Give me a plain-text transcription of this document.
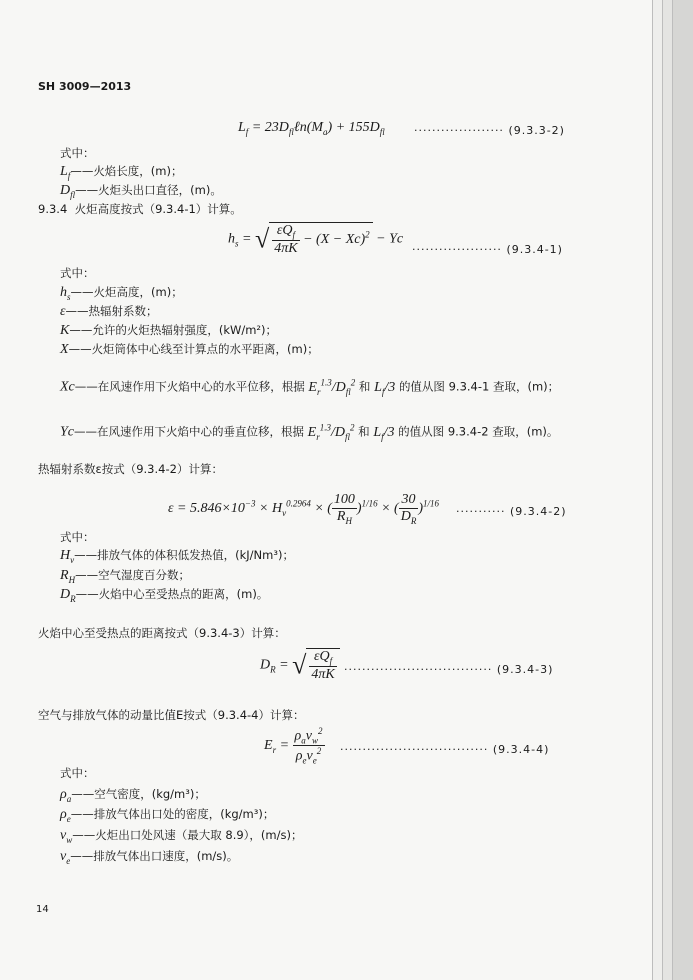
SH 3009—2013
$L_f$ = $23D_{fl}\ell n(M_a) + 155D_{fl}$	···················· (9.3.3-2)
式中：
$L_f——$火焰长度，(m)；
$D_{fl}——$火炬头出口直径，(m)。
9.3.4 火炬高度按式（9.3.4-1）计算。
$h_s$ = √ $\frac{\varepsilon Q_f}{4\pi K} - (X - Xc)^2 - Yc$
···················· (9.3.4-1)
式中：
$h_s——$火炬高度，(m)；
ε——热辐射系数；
K——允许的火炬热辐射强度，(kW/m²)；
X——火炬筒体中心线至计算点的水平距离，(m)；
Xc——在风速作用下火焰中心的水平位移，根据 $E_r^{1.3}/D_{fl}^2$ 和 $L_f/3$ 的值从图 9.3.4-1 查取，(m)；
Yc——在风速作用下火焰中心的垂直位移，根据 $E_r^{1.3}/D_{fl}^2$ 和 $L_f/3$ 的值从图 9.3.4-2 查取，(m)。
热辐射系数ε按式（9.3.4-2）计算：
$\varepsilon = 5.846\times 10^{-3} \times H_v^{0.2964}$ × ( $\frac{100}{R_H} )^{1/16}$ × ( $\frac{30}{D_R} )^{1/16}$
··········· (9.3.4-2)
式中：
$H_v——$排放气体的体积低发热值，(kJ/Nm³)；
$R_H——$空气湿度百分数；
$D_R——$火焰中心至受热点的距离，(m)。
火焰中心至受热点的距离按式（9.3.4-3）计算：
$D_R$ = √ $\frac{\varepsilon Q_f}{4\pi K}$ ································· (9.3.4-3)
空气与排放气体的动量比值E按式（9.3.4-4）计算：
$E_r = \frac{\rho_av_w^2}{\rho_ev_e^2}$ ································· (9.3.4-4)
式中：
$\rho_a——$空气密度，(kg/m³)；
$\rho_e——$排放气体出口处的密度，(kg/m³)；
$v_w——$火炬出口处风速（最大取 8.9），(m/s)；
$v_e——$排放气体出口速度，(m/s)。
14
